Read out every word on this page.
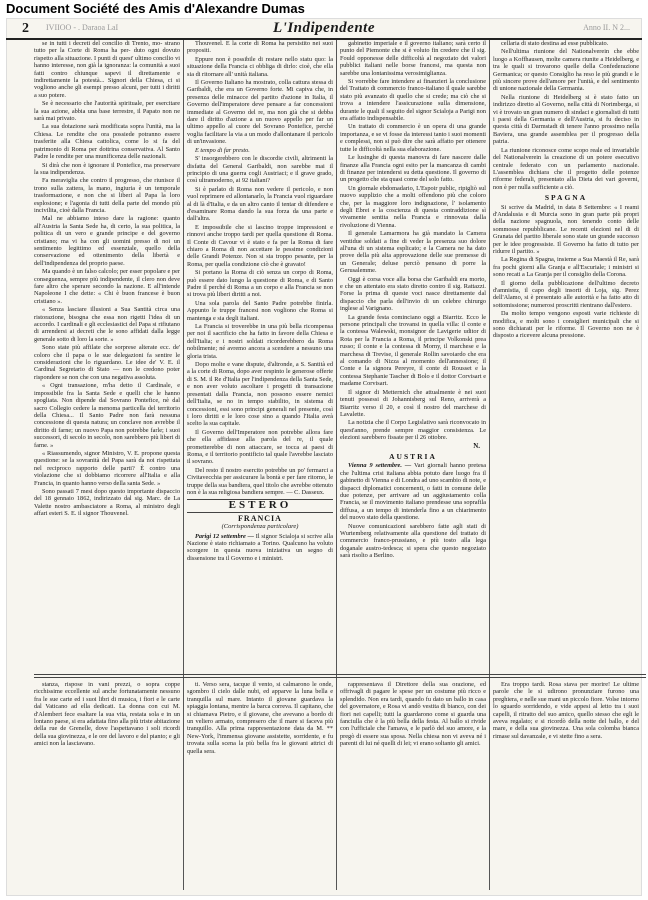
Document Société des Amis d'Alexandre Dumas
2 IVIIOO - . Daraoa LaI	L'Indipendente	Anno II. N 2...

se in tutti i decreti del concilio di Trento, mo- strano tutto per la Corte di Roma ha per- duto ogni dovuto rispetto alla situazione. I punti di quest' ultimo concilio vi hanno interesse, non già la ignoranza: la comunità a suoi fatti contro chiunque sapevi il direttamente e indirettamente la potestà... Signori della Chiesa, ci si vogliono anche gli esempi presso alcuni, per tutti i diritti a suo potere.

Se è necessario che l'autorità spirituale, per esercitare la sua azione, abbia una base terrestre, il Papato non ne sarà mai privato.

La sua dotazione sarà modificata sopra l'unità, ma la Chiesa. Le rendite che ora possiede potranno essere trasferite alla Chiesa cattolica, come lo si fa del patrimonio di Roma per dottrina conservativa. Al Santo Padre le rendite per una munificenza delle nazionali.

Si dirà che non è ignorare il Pontefice, ma preservare la sua indipendenza.

Fa meraviglia che contro il progresso, che riunisce il trono sulla zattera, la mano, ingiuria è un temporale trasformazione, e non che si liberi al Papa la loro esplosione; e l'agonia di tutti della parte del mondo più incivilita, cioè dalla Francia.

Mal ne abbiamo inteso dare la ragione: quanto all'Austria la Santa Sede ha, di certo, la sua politica, la politica di un vero e grande principe e del governo cristiano; ma vi ha con gli uomini presso di noi un sentimento legittimo ed essenziale, quello della conservazione ed ottenimento della libertà e dell'indipendenza del proprio paese.

Ma quando è un falso calcolo; per esser popolare e per conseguenza, sempre più indipendente, il clero non deve fare altro che sperare secondo la nazione. E all'intende Napoleone I che dette: « Chi è buon francese è buon cristiano ».

« Senza lasciare illusioni a Sua Santità circa una ristorazione, bisogna che essa non rigetti l'idea di un accordo. I cardinali e gli ecclesiastici del Papa si rifiutano di arrendersi ai decreti che le sono affidati dalla legge generale sotto di loro la sorte. »

Sono state più affilate che sorprese alterate ecc. de' coloro che il papa o le sue delegazioni fa sentire le considerazioni che lo riguardano. Le idee de' V. E. il Cardinal Segretario di Stato — non le credono poter rispondere se non che con una negativa assoluta.

« Ogni transazione, m'ha detto il Cardinale, e impossibile fra la Santa Sede e quelli che le hanno spogliata. Non dipende dal Sovrano Pontefice, nè dal sacro Collegio cedere la menoma particella del territorio della Chiesa... Il Santo Padre non farà nessuna concessione di questa natura; un conclave non avrebbe il diritto di farne; un nuovo Papa non potrebbe farle; i suoi successori, di secolo in secolo, non sarebbero più liberi di farne. »

« Riassumendo, signor Ministro, V. E. propone questa questione: se la sovranità del Papa sarà da noi rispettata nel reciproco rapporto delle parti? È contro una violazione che si dobbiamo ricorrere all'Italia e alla Francia, in quanto hanno verso della santa Sede. »

Sono passati 7 mesi dopo questo importante dispaccio del 18 gennaio 1862, indirizzato dal sig. Marc. de La Valette nostro ambasciatore a Roma, al ministro degli affari esteri S. E. il signor Thouvenel.

Thouvenel. E la corte di Roma ha persistito nei suoi propositi.

Eppure non è possibile di restare nello statu quo: la situazione della Francia ci obbliga di dirlo: cioè, che ella sia di ritornare all' unità italiana.

Il Governo Italiano ha mostrato, colla cattura stessa di Garibaldi, che era un Governo forte. Mi capiva che, in presenza delle minacce del partito d'azione in Italia, il Governo dell'imperatore deve pensare a far concessioni immediate al Governo del re, ma non già che si debba dare il diritto d'azione a un nuovo appello per far un ultimo appello al cuore del Sovrano Pontefice, perché voglia facilitare la via a un modo d'allontanare il pericolo di un'invasione.

E tempo di far presto.

S' insorgerebbero con le discordie civili, altrimenti la disfatta del General Garibaldi, non sarebbe mai il principio di una guerra cogli Austriaci; e il grave grado, così ultramoderno, ai 92 italiani?

Si è parlato di Roma non vedere il pericolo, e non vuol reprimere ed allontanarlo, la Francia vuol riguardare al di là d'Italia, e da un altro canto il tentar di difendere e d'esaminare Roma dando la sua forza da una parte e dall'altra.

E impossibile che si lascino troppe impressioni e rinnovi anche troppo tardi per quella questione di Roma. Il Conte di Cavour vi è stato e fa per la Roma di fare chiaro a Roma di non accettare le pessime condizioni delle Grandi Potenze. Non si sta troppo pesante, per la Roma, per quella condizione ciò che è gravato!

Si portano la Roma di ciò senza un corpo di Roma, può essere dato lungo la questione di Roma, e di Santo Padre il perché di Roma a un corpo e alla Francia se non si trova più liberi diritti a noi.

Una sola parola del Santo Padre potrebbe finirla. Appunto le truppe francesi non vogliono che Roma si mantenga e sia degli italiani.

La Francia si troverebbe in una più bella ricompensa per noi il sacrificio che ha fatto in favore della Chiesa e dell'Italia; e i nostri soldati ricorderebbero da Roma nobilmente; né avremo ancora a scendere a nessuno una gloria trista.

Dopo molte e vane dispute, d'altronde, a S. Santità ed a la corte di Roma, dopo aver respinto le generose offerte di S. M. il Re d'Italia per l'indipendenza della Santa Sede, e non aver voluto ascoltare i progetti di transazione presentati dalla Francia, non possono essere nemici dell'Italia, se no in tempo stabilito, in sistema di concessioni, essi sono principi generali nel presente, così i loro diritti e le loro cose sino a quando l'Italia avrà scelto la sua capitale.

Il Governo dell'Imperatore non potrebbe allora fare che ella affidasse alla parola del re, il quale prometterebbe di non attaccare, se tocca ai paesi di Roma, e il territorio pontificio tal quale l'avrebbe lasciato il sovrano.

Del resto il nostro esercito potrebbe un po' fermarci a Civitavecchia per assicurare la bontà e per fare ritorno, le truppe della sua bandiera, quel titolo che avrebbe ottenuto non è la sua religiosa bandiera sempre. — C. Dasseux.

ESTERO
FRANCIA
(Corrispondenza particolare)

Parigi 12 settembre — Il signor Scialoja si scrive alla Nazione è stato richiamato a Torino. Qualcuno ha voluto scorgere in questa nuova iniziativa un segno di dissensione tra il Governo e i ministri.

gabinetto imperiale e il governo italiano; sarà certo il punto del Piemonte che si è voluto fin credere che il sig. Fould opponesse delle difficoltà al negoziato dei valori pubblici italiani nelle borse francesi, ma questa non sarebbe una lontanissima verosimiglianza.

Si vorrebbe fare intendere ai finanzieri la conclusione del Trattato di commercio franco-italiano il quale sarebbe stato più avanzato di quello che si crede; ma ciò che si trova a intendere l'assicurazione sulla dimensione, durante le quali il seguito del signor Scialoja a Parigi non era affatto indispensabile.

Un trattato di commercio è un opera di una grande importanza, e se vi fosse da interessi tanto i suoi momenti e complessi, non si può dire che sarà affatto per ottenere tutte le difficoltà nella sua elaborazione.

Le lusinghe di questa manovra di fare nascere dalle finanze alla Francia ogni esito per la mancanza di cambi di finanze per intendersi su detta questione. Il governo di un progetto che sta quasi come del solo fatto.

Un giornale ebdomadario, L'Espoir public, ripigliò sul nuovo supplizio che a molti offendono più che coloro che, per la maggiore loro indignazione, l' isolamento degli Ebrei e la coscienza di questa contraddizione sì vivamente sentita nella Francia e rinnovata dalla rivoluzione di Vienna.

Il generale Lamarmora ha già mandato la Camera ventidue soldati a fine di veder la presenza suo dolore all'una di un sistema esplicato; e la Camera ne ha dato prove della più alta approvazione delle sue premesse di un Generale; deluse perciò pensano di porre la Gerusalemme.

Oggi è corsa voce alla borsa che Garibaldi era morto, e che un attentato era stato diretto contro il sig. Rattazzi. Forse la prima di queste voci nasce direttamente dal dispaccio che parla dell'invio di un celebre chirurgo inglese al Varignano.

La grande festa cominciano oggi a Biarritz. Ecco le persone principali che trovansi in quella villa: il conte e la contessa Walewski, monsignor de Lavigerie uditor di Rota per la Francia a Roma, il principe Volkonski prea russo; il conte e la contessa di Morny, il marchese e la marchesa di Trevise, il generale Rollin savoiardo che era al comando di Nizza al momento dell'annessione; il Conte e la signora Pereyre, il conte di Rousset e la contessa Stephanie Tascher di Bolo e il dottor Corvisart e madame Corvisart.

Il signor di Metternich che attualmente è nei suoi tenuti possessi di Johannisberg sul Reno, arriverà a Biarritz verso il 20, e così il nostro del marchese di Lavalette.

La notizia che il Corpo Legislativo sarà riconvocato in quest'anno, prende sempre maggior consistenza. Le elezioni sarebbero fissate per il 26 ottobre.

N.
AUSTRIA

Vienna 9 settembre. — Vari giornali hanno pretesa che l'ultima crisi italiana abbia potuto dare luogo fra il gabinetto di Vienna e di Londra ad uno scambio di note, e dispacci diplomatici concernenti, o fatti in comune delle due potenze, per arrivare ad un aggiustamento colla Francia, se il movimento italiano prendesse una soprafila diffusa, a un tempo di intenderla fino a un chiarimento del nuovo stato della questione.

Nuove comunicazioni sarebbero fatte agli stati di Wurtemberg relativamente alla questione del trattato di commercio franco-prussiano, e più tosto alla lega doganale austro-tedesca; si spera che questo negoziato sarà risolto a Berlino.

cellaria di stato destina ad esse pubblicato.

Nell'ultima riunione del Nationalverein che ebbe luogo a Koffhausen, molte camera riunite a Heidelberg, e tra le quali si trovarono quelle della Confederazione Germanica; or questo Consiglio ha reso le più grandi e le più sincere prove dell'amore per l'unità, e del sentimento di unione nazionale della Germania.

Nella riunione di Heidelberg si è stato fatto un indirizzo diretto al Governo, nella città di Norimberga, si vi è trovato un gran numero di sindaci e giornalisti di tutti i paesi della Germania e dell'Austria, si fu deciso in questa città di Darmstadt di tenere l'anno prossimo nella Baviera, una grande assemblea per il progresso della patria.

La riunione riconosce come scopo reale ed invariabile del Nationalverein la creazione di un potere esecutivo centrale federato con un parlamento nazionale. L'assemblea dichiara che il progetto delle potenze riforme federali, presentato alla Dieta dei vari governi, non è per nulla sufficiente a ciò.

SPAGNA

Si scrive da Madrid, in data 8 Settembre: « I reami d'Andalusia e di Murcia sono in gran parte più propri della nazione spagnuola, non tenendo conto delle sommosse repubblicane. Le recenti elezioni nel di di Granata del partito liberale sono state un grande successo per le idee progressiste. Il Governo ha fatto di tutto per ridurre il partito. »

La Regina di Spagna, insieme a Sua Maestà il Re, sarà fra pochi giorni alla Granja e all'Escuriale; i ministri si sono recati a La Granja per il consiglio della Corona.

Il giorno della pubblicazione dell'ultimo decreto d'amnistia, il capo degli insorti di Loja, sig. Perez dell'Alamo, si è presentato alle autorità e ha fatto atto di sottomissione; numerosi proscritti rientrano dall'estero.

Da molto tempo vengono esposti varie richieste di modifica, e molti sono i consiglieri municipali che si sono dichiarati per le riforme. Il Governo non ne è disposto a ricevere alcuna pressione.

stanza, rispose in vani prezzi, o sopra coppe ricchissime eccellente sul anche fortunatamente nessuno fra le sue carte ed i suoi libri di musica, i fiori e le carte dal Vaticano ad ella dedicati. La donna con cui M. d'Alembert fece esaltare la sua vita, restata sola e in un lontano paese, si era adattata fino alla più triste abitazione della rue de Grenelle, dove l'aspettavano i soli ricordi della sua giovinezza, e le ore del lavoro e del pianto; e gli amici non la lasciavano.

ti. Verso sera, tacque il vento, si calmarono le onde, sgombro il cielo dalle nubi, ed apparve la luna bella e tranquilla sul mare. Intanto il giovane guardava la spiaggia lontana, mentre la barca correva. Il capitano, che si chiamava Pietro, e il giovane, che avevano a bordo di un veliero armato, compresero che il mare si faceva più tranquillo. Alla prima rappresentazione data da M. ** New-York, l'immensa giovane assistette, sorridente, e fu trovata sulla scena la più bella fra le giovani attrici di quella sera.

rappresentava il Direttore della sua orazione, ed offrivagli di pagare le spese per un costume più ricco e splendido. Non era tardi, quando fu dato un ballo in casa del governatore, e Rosa vi andò vestita di bianco, con dei fiori nei capelli; tutti la guardarono come si guarda una fanciulla che è la più bella della festa. Al ballo si rivide con l'ufficiale che l'amava, e le parlò del suo amore, e la pregò di essere sua sposa. Nella chiesa non vi aveva né i parenti di lui né quelli di lei; vi erano soltanto gli amici.

Era troppo tardi. Rosa stava per morire! Le ultime parole che le si udirono pronunziare furono una preghiera, e nelle sue mani un piccolo fiore. Volse intorno lo sguardo sorridendo, e vide appesi al letto tra i suoi capelli, il ritratto del suo amico, quello stesso che egli le aveva regalato; e si ricordò della notte del ballo, e del mare, e della sua giovinezza. Una sola colomba bianca rimase sul davanzale, e vi stette fino a sera.
